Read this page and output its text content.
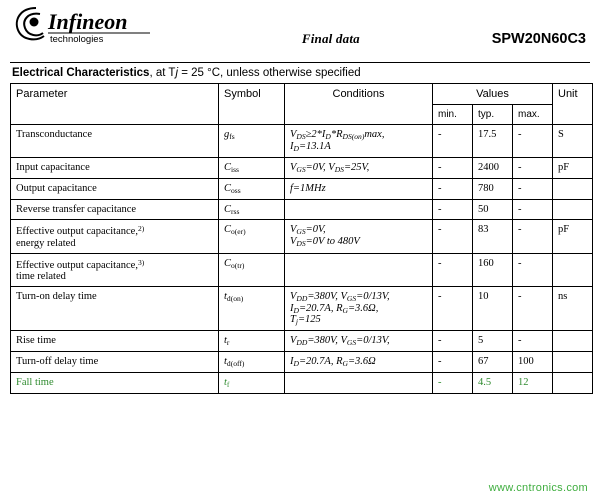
Infineon
technologies	Final data	SPW20N60C3
Electrical Characteristics, at Tj = 25 °C, unless otherwise specified
Parameter	Symbol	Conditions	Values			Unit
			min.	typ.	max.	
Transconductance	$g_{fs}$	$V_{DS}\ge 2*I_D*R_{DS(on)}\max$,
$I_D=13.1A$	-	17.5	-	S
Input capacitance	$C_{iss}$	$V_{GS}=0V$, $V_{DS}=25V$,	-	2400	-	pF
Output capacitance	$C_{oss}$	f=1MHz	-	780	-	
Reverse transfer capacitance	$C_{rss}$		-	50	-	
Effective output capacitance,$^{2)}$
energy related	$C_{o(er)}$	$V_{GS}=0V$,
$V_{DS}=0V$ to 480V	-	83	-	pF
Effective output capacitance,$^{3)}$
time related	$C_{o(tr)}$		-	160	-	
Turn-on delay time	$t_{d(on)}$	$V_{DD}=380V$, $V_{GS}=0/13V$,
$I_D=20.7A$, $R_G=3.6\Omega$,
$T_j=125$	-	10	-	ns
Rise time	$t_r$	$V_{DD}=380V$, $V_{GS}=0/13V$,	-	5	-	
Turn-off delay time	$t_{d(off)}$	$I_D=20.7A$, $R_G=3.6\Omega$	-	67	100	
Fall time	$t_f$		-	4.5	12	
www.cntronics.com
